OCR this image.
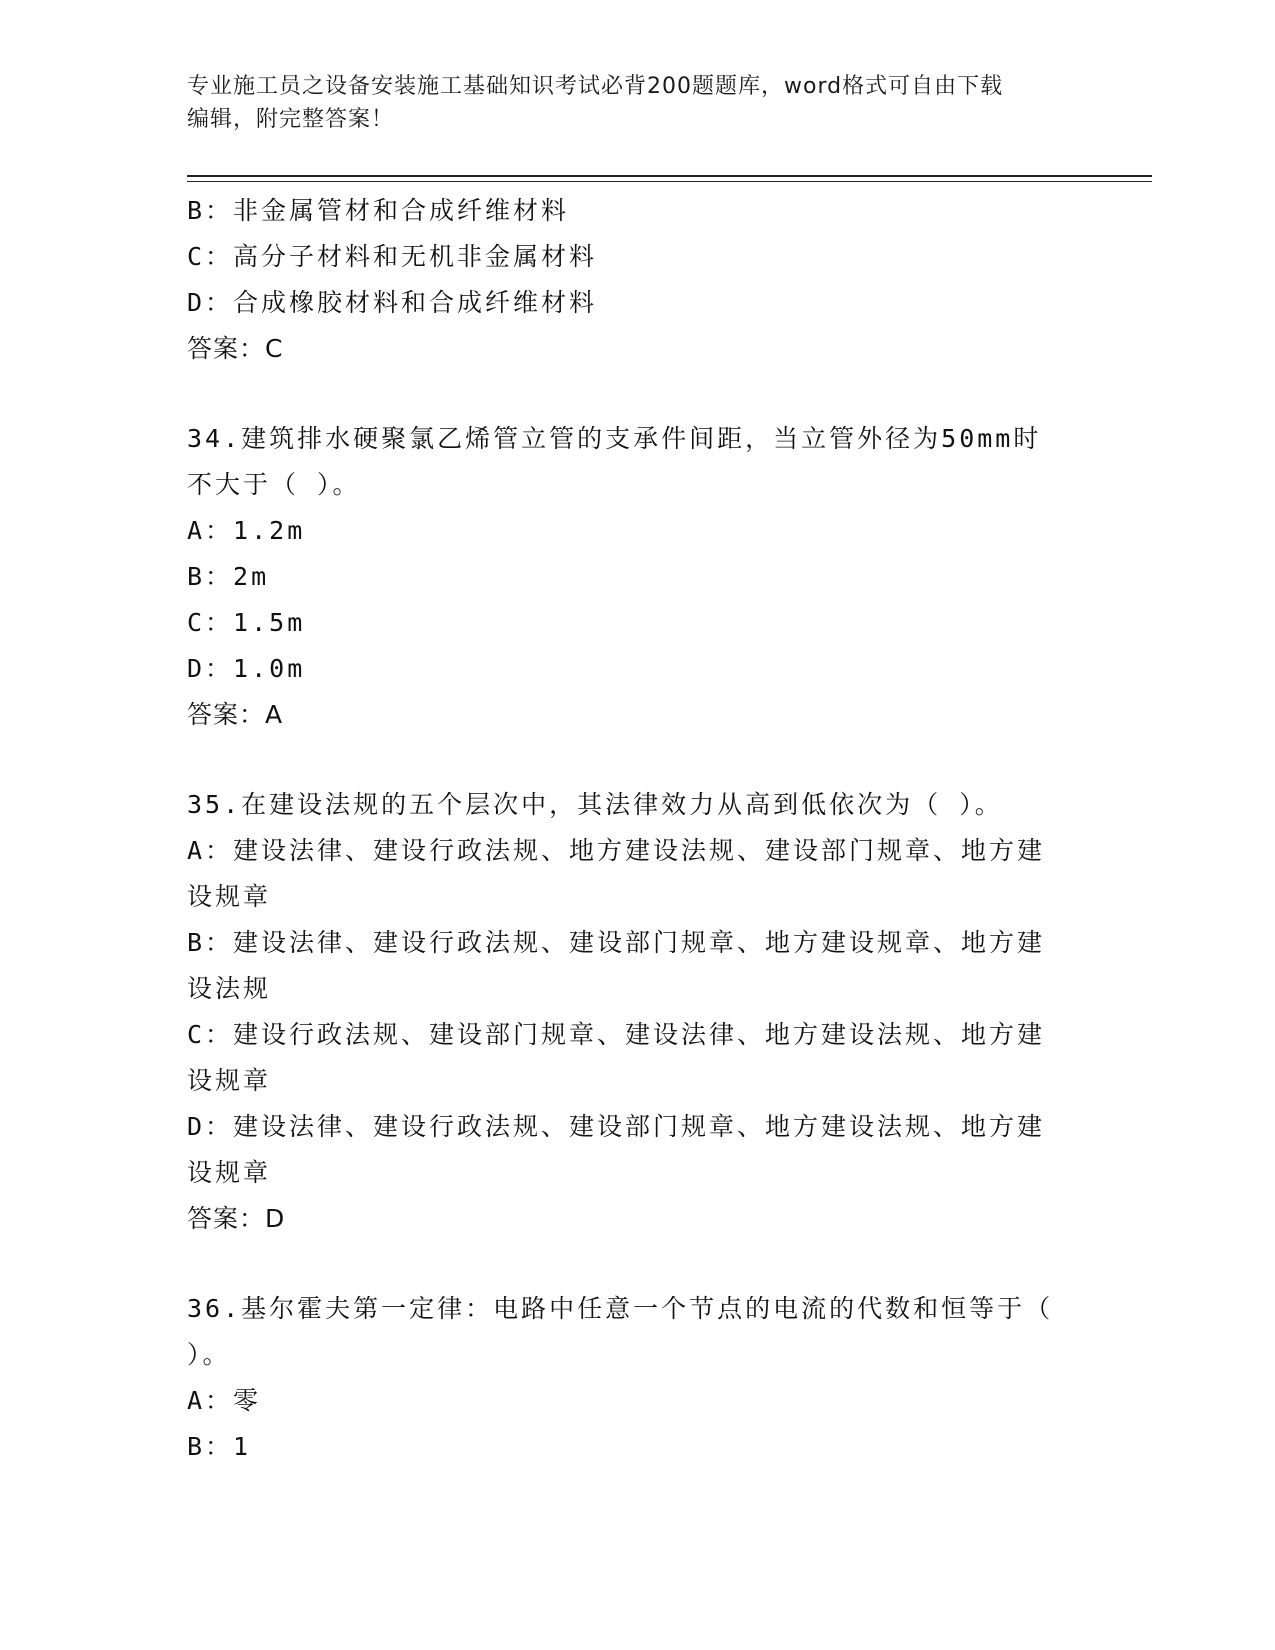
专业施工员之设备安装施工基础知识考试必背200题题库，word格式可自由下载
编辑，附完整答案！
B：非金属管材和合成纤维材料
C：高分子材料和无机非金属材料
D：合成橡胶材料和合成纤维材料
答案：C
34.建筑排水硬聚氯乙烯管立管的支承件间距，当立管外径为50mm时
不大于（ ）。
A：1.2m
B：2m
C：1.5m
D：1.0m
答案：A
35.在建设法规的五个层次中，其法律效力从高到低依次为（ ）。
A：建设法律、建设行政法规、地方建设法规、建设部门规章、地方建
设规章
B：建设法律、建设行政法规、建设部门规章、地方建设规章、地方建
设法规
C：建设行政法规、建设部门规章、建设法律、地方建设法规、地方建
设规章
D：建设法律、建设行政法规、建设部门规章、地方建设法规、地方建
设规章
答案：D
36.基尔霍夫第一定律：电路中任意一个节点的电流的代数和恒等于（
）。
A：零
B：1
